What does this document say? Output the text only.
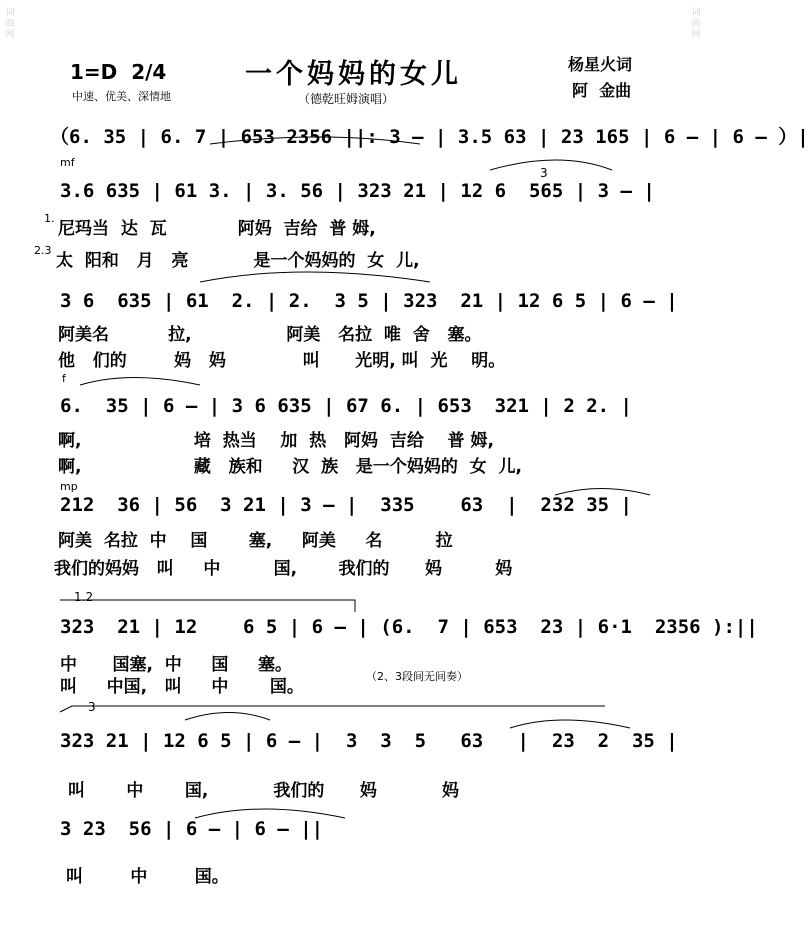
词曲网
词曲网
1=D  2/4
中速、优美、深情地
一个妈妈的女儿
（德乾旺姆演唱）
杨星火词
阿  金曲
（6. 35 | 6. 7 | 653 2356 ||: 3 – | 3.5 63 | 23 165 | 6 – | 6 – ）|
mf
3
3.6 635 | 61 3. | 3. 56 | 323 21 | 12 6  565 | 3 – |
1.
尼玛当  达  瓦            阿妈  吉给  普 姆,
2.3
太  阳和   月   亮           是一个妈妈的  女  儿,
3 6  635 | 61  2. | 2.  3 5 | 323  21 | 12 6 5 | 6 – |
阿美名          拉,                阿美   名拉  唯  舍   塞。
他   们的        妈   妈             叫      光明, 叫  光    明。
f
6.  35 | 6 – | 3 6 635 | 67 6. | 653  321 | 2 2. |
啊,                   培  热当    加  热   阿妈  吉给    普 姆,
啊,                   藏   族和     汉  族   是一个妈妈的  女  儿,
mp
212  36 | 56  3 21 | 3 – |  335    63  |  232 35 |
阿美  名拉  中    国       塞,     阿美     名         拉
我们的妈妈   叫     中         国,       我们的      妈         妈
1.2
323  21 | 12    6 5 | 6 – | (6.  7 | 653  23 | 6·1  2356 ):||
中      国塞,  中     国     塞。
叫     中国,   叫     中       国。
（2、3段间无间奏）
3
323 21 | 12 6 5 | 6 – |  3  3  5   63   |  23  2  35 |
叫       中       国,           我们的      妈           妈
3 23  56 | 6 – | 6 – ||
叫        中        国。
